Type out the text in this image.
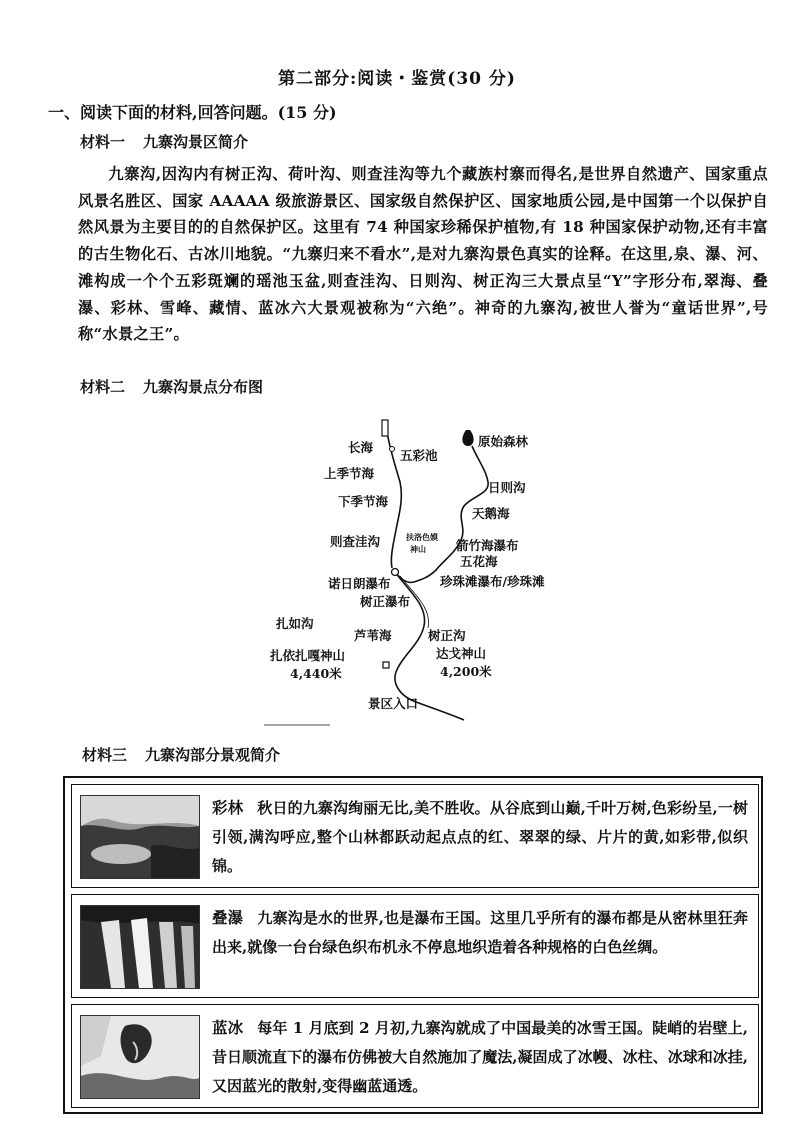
第二部分:阅读・鉴赏(30 分)
一、阅读下面的材料,回答问题。(15 分)
材料一 九寨沟景区简介
九寨沟,因沟内有树正沟、荷叶沟、则查洼沟等九个藏族村寨而得名,是世界自然遗产、国家重点风景名胜区、国家 AAAAA 级旅游景区、国家级自然保护区、国家地质公园,是中国第一个以保护自然风景为主要目的的自然保护区。这里有 74 种国家珍稀保护植物,有 18 种国家保护动物,还有丰富的古生物化石、古冰川地貌。“九寨归来不看水”,是对九寨沟景色真实的诠释。在这里,泉、瀑、河、滩构成一个个五彩斑斓的瑶池玉盆,则查洼沟、日则沟、树正沟三大景点呈“Y”字形分布,翠海、叠瀑、彩林、雪峰、藏情、蓝冰六大景观被称为“六绝”。神奇的九寨沟,被世人誉为“童话世界”,号称“水景之王”。
材料二 九寨沟景点分布图
长海
五彩池
原始森林
上季节海
日则沟
下季节海
天鹅海
则查洼沟	扶洛色嫫
神山 箭竹海瀑布
五花海
诺日朗瀑布	珍珠滩瀑布/珍珠滩
树正瀑布
扎如沟
芦苇海	树正沟
扎依扎嘎神山
4,440米
达戈神山
4,200米
景区入口
材料三 九寨沟部分景观简介
彩林 秋日的九寨沟绚丽无比,美不胜收。从谷底到山巅,千叶万树,色彩纷呈,一树引领,满沟呼应,整个山林都跃动起点点的红、翠翠的绿、片片的黄,如彩带,似织锦。
叠瀑 九寨沟是水的世界,也是瀑布王国。这里几乎所有的瀑布都是从密林里狂奔出来,就像一台台绿色织布机永不停息地织造着各种规格的白色丝绸。
蓝冰 每年 1 月底到 2 月初,九寨沟就成了中国最美的冰雪王国。陡峭的岩壁上,昔日顺流直下的瀑布仿佛被大自然施加了魔法,凝固成了冰幔、冰柱、冰球和冰挂,又因蓝光的散射,变得幽蓝通透。
